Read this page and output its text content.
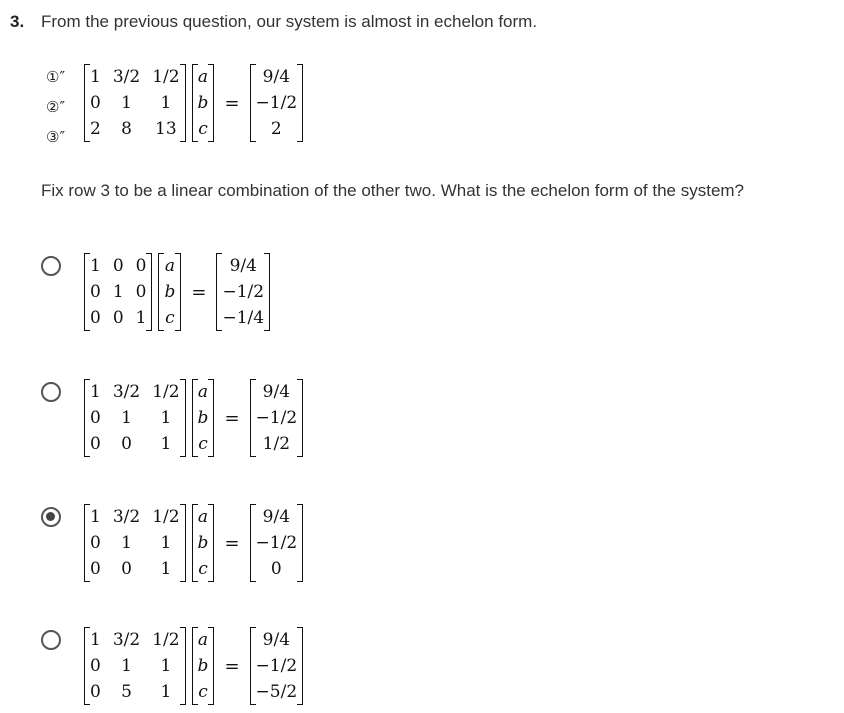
3. From the previous question, our system is almost in echelon form.
①″
②″
③″
1 3/2 1/2
0	1	1
2	8	13
a
b
c
=
9/4
−1/2
2
Fix row 3 to be a linear combination of the other two. What is the echelon form of the system?
1 0 0
0 1 0
0 0 1
a
b
c
=
9/4
−1/2
−1/4
1 3/2 1/2
0	1	1
0	0	1
a
b
c
=
9/4
−1/2
1/2
1 3/2 1/2
0	1	1
0	0	1
a
b
c
=
9/4
−1/2
0
1 3/2 1/2
0	1	1
0	5	1
a
b
c
=
9/4
−1/2
−5/2
